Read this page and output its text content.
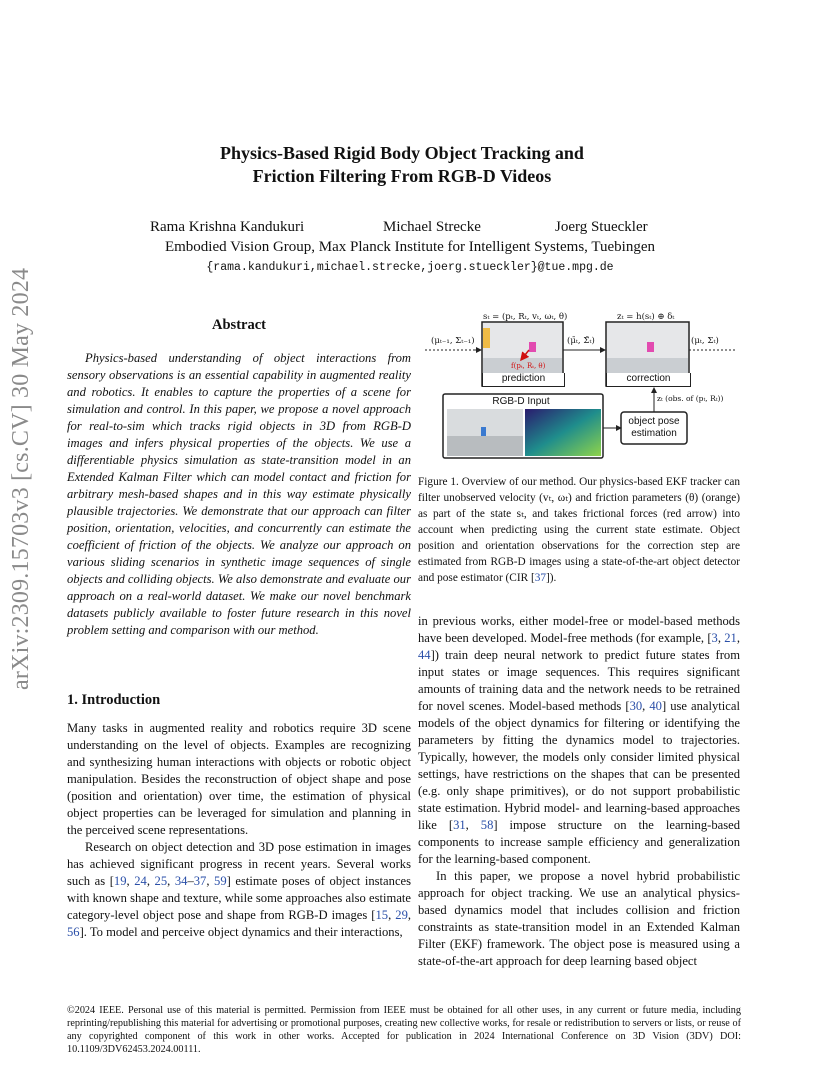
arXiv:2309.15703v3 [cs.CV] 30 May 2024
Physics-Based Rigid Body Object Tracking and
Friction Filtering From RGB-D Videos
Rama Krishna Kandukuri	Michael Strecke	Joerg Stueckler
Embodied Vision Group, Max Planck Institute for Intelligent Systems, Tuebingen
{rama.kandukuri,michael.strecke,joerg.stueckler}@tue.mpg.de
Abstract

Physics-based understanding of object interactions from sensory observations is an essential capability in augmented reality and robotics. It enables to capture the properties of a scene for simulation and control. In this paper, we propose a novel approach for real-to-sim which tracks rigid objects in 3D from RGB-D images and infers physical properties of the objects. We use a differentiable physics simulation as state-transition model in an Extended Kalman Filter which can model contact and friction for arbitrary mesh-based shapes and in this way estimate physically plausible trajectories. We demonstrate that our approach can filter position, orientation, velocities, and concurrently can estimate the coefficient of friction of the objects. We analyze our approach on various sliding scenarios in synthetic image sequences of single objects and colliding objects. We also demonstrate and evaluate our approach on a real-world dataset. We make our novel benchmark datasets publicly available to foster future research in this novel problem setting and comparison with our method.

1. Introduction

Many tasks in augmented reality and robotics require 3D scene understanding on the level of objects. Examples are recognizing and synthesizing human interactions with objects or robotic object manipulation. Besides the reconstruction of object shape and pose (position and orientation) over time, the estimation of physical object properties can be leveraged for simulation and planning in the perceived scene representations.

Research on object detection and 3D pose estimation in images has achieved significant progress in recent years. Several works such as [19, 24, 25, 34–37, 59] estimate poses of object instances with known shape and texture, while some approaches also estimate category-level object pose and shape from RGB-D images [15, 29, 56]. To model and perceive object dynamics and their interactions,

prediction	correction
RGB-D Input
object pose
estimation
sₜ = (pₜ, Rₜ, vₜ, ωₜ, θ)	zₜ = h(sₜ) ⊕ δₜ
(μₜ₋₁, Σₜ₋₁)	(μ̄ₜ, Σ̄ₜ)	(μₜ, Σₜ)
f(pₜ, Rₜ, θ)
zₜ (obs. of (pₜ, Rₜ))
Figure 1. Overview of our method. Our physics-based EKF tracker can filter unobserved velocity (vₜ, ωₜ) and friction parameters (θ) (orange) as part of the state sₜ, and takes frictional forces (red arrow) into account when predicting using the current state estimate. Object position and orientation observations for the correction step are estimated from RGB-D images using a state-of-the-art object detector and pose estimator (CIR [37]).

in previous works, either model-free or model-based methods have been developed. Model-free methods (for example, [3, 21, 44]) train deep neural network to predict future states from input states or image sequences. This requires significant amounts of training data and the network needs to be retrained for novel scenes. Model-based methods [30, 40] use analytical models of the object dynamics for filtering or identifying the parameters by fitting the dynamics model to trajectories. Typically, however, the models only consider limited physical settings, have restrictions on the shapes that can be presented (e.g. only shape primitives), or do not support probabilistic state estimation. Hybrid model- and learning-based approaches like [31, 58] impose structure on the learning-based components to increase sample efficiency and generalization for the learning-based component.

In this paper, we propose a novel hybrid probabilistic approach for object tracking. We use an analytical physics-based dynamics model that includes collision and friction constraints as state-transition model in an Extended Kalman Filter (EKF) framework. The object pose is measured using a state-of-the-art approach for deep learning based object

©2024 IEEE. Personal use of this material is permitted. Permission from IEEE must be obtained for all other uses, in any current or future media, including reprinting/republishing this material for advertising or promotional purposes, creating new collective works, for resale or redistribution to servers or lists, or reuse of any copyrighted component of this work in other works. Accepted for publication in 2024 International Conference on 3D Vision (3DV) DOI: 10.1109/3DV62453.2024.00111.
